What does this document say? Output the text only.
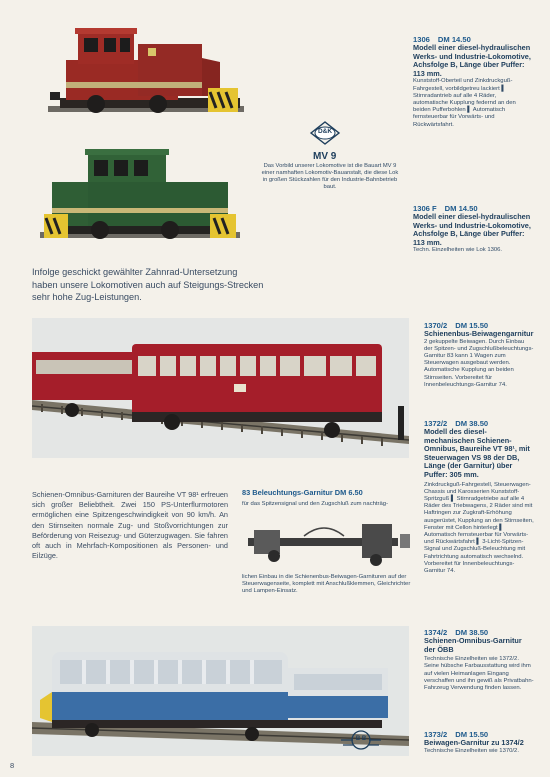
D&K
MV 9
Das Vorbild unserer Lokomotive ist die Bauart MV 9 einer namhaften Lokomotiv-Bauanstalt, die diese Lok in großen Stückzahlen für den Industrie-Bahnbetrieb baut.
1306 DM 14.50
Modell einer diesel-hydraulischen Werks- und Industrie-Lokomotive, Achsfolge B, Länge über Puffer: 113 mm.
Kunststoff-Oberteil und Zinkdruckguß-Fahrgestell, vorbildgetreu lackiert ▌ Stirnradantrieb auf alle 4 Räder, automatische Kupplung federnd an den beiden Pufferbohlen ▌ Automatisch fernsteuerbar für Vorwärts- und Rückwärtsfahrt.
1306 F DM 14.50
Modell einer diesel-hydraulischen Werks- und Industrie-Lokomotive, Achsfolge B, Länge über Puffer: 113 mm.
Techn. Einzelheiten wie Lok 1306.
Infolge geschickt gewählter Zahnrad-Untersetzung haben unsere Lokomotiven auch auf Steigungs-Strecken sehr hohe Zug-Leistungen.
1370/2 DM 15.50
Schienenbus-Beiwagengarnitur
2 gekuppelte Beiwagen. Durch Einbau der Spitzen- und Zugschlußbeleuchtungs-Garnitur 83 kann 1 Wagen zum Steuerwagen ausgebaut werden. Automatische Kupplung an beiden Stirnseiten. Vorbereitet für Innenbeleuchtungs-Garnitur 74.
1372/2 DM 38.50
Modell des diesel-mechanischen Schienen-Omnibus, Baureihe VT 98¹, mit Steuerwagen VS 98 der DB, Länge (der Garnitur) über Puffer: 305 mm.
Zinkdruckguß-Fahrgestell, Steuerwagen-Chassis und Karosserien Kunststoff-Spritzguß ▌ Stirnradgetriebe auf alle 4 Räder des Triebwagens, 2 Räder sind mit Haftringen zur Zugkraft-Erhöhung ausgerüstet, Kupplung an den Stirnseiten, Fenster mit Cellon hinterlegt ▌ Automatisch fernsteuerbar für Vorwärts- und Rückwärtsfahrt ▌ 3-Licht-Spitzen-Signal und Zugschluß-Beleuchtung mit Fahrtrichtung automatisch wechselnd. Vorbereitet für Innenbeleuchtungs-Garnitur 74.
Schienen-Omnibus-Garnituren der Baureihe VT 98¹ erfreuen sich großer Beliebtheit. Zwei 150 PS-Unterflurmotoren ermöglichen eine Spitzengeschwindigkeit von 90 km/h. An den Stirnseiten normale Zug- und Stoßvorrichtungen zur Beförderung von Reisezug- und Güterzugwagen. Sie fahren oft auch in Mehrfach-Kompositionen als Personen- und Eilzüge.
83 Beleuchtungs-Garnitur DM 6.50
für das Spitzensignal und den Zugschluß zum nachträg-
lichen Einbau in die Schienenbus-Beiwagen-Garnituren auf der Steuerwagenseite, komplett mit Anschlußklemmen, Gleichrichter und Lampen-Einsatz.
B B
1374/2 DM 38.50
Schienen-Omnibus-Garnitur der ÖBB
Technische Einzelheiten wie 1372/2. Seine hübsche Farbausstattung wird ihm auf vielen Heimanlagen Eingang verschaffen und ihn gewiß als Privatbahn-Fahrzeug Verwendung finden lassen.
1373/2 DM 15.50
Beiwagen-Garnitur zu 1374/2
Technische Einzelheiten wie 1370/2.
8
